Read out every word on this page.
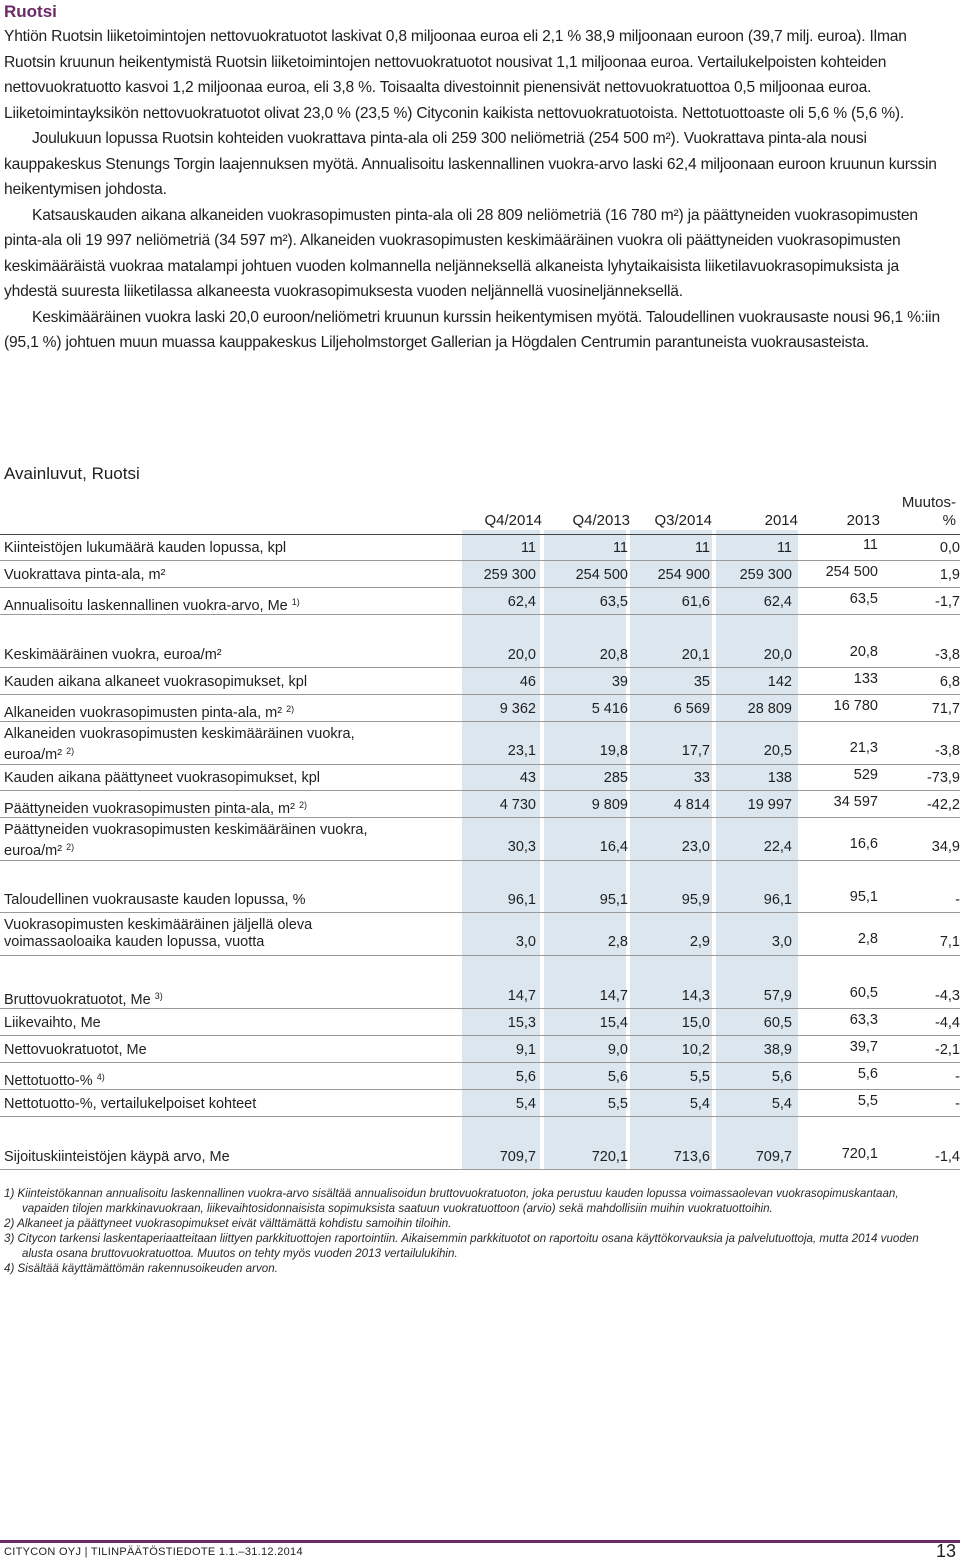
Ruotsi

Yhtiön Ruotsin liiketoimintojen nettovuokratuotot laskivat 0,8 miljoonaa euroa eli 2,1 % 38,9 miljoonaan euroon (39,7 milj. euroa). Ilman Ruotsin kruunun heikentymistä Ruotsin liiketoimintojen nettovuokratuotot nousivat 1,1 miljoonaa euroa. Vertailukelpoisten kohteiden nettovuokratuotto kasvoi 1,2 miljoonaa euroa, eli 3,8 %. Toisaalta divestoinnit pienensivät nettovuokratuottoa 0,5 miljoonaa euroa. Liiketoimintayksikön nettovuokratuotot olivat 23,0 % (23,5 %) Cityconin kaikista nettovuokratuotoista. Nettotuottoaste oli 5,6 % (5,6 %).

Joulukuun lopussa Ruotsin kohteiden vuokrattava pinta-ala oli 259 300 neliömetriä (254 500 m²). Vuokrattava pinta-ala nousi kauppakeskus Stenungs Torgin laajennuksen myötä. Annualisoitu laskennallinen vuokra-arvo laski 62,4 miljoonaan euroon kruunun kurssin heikentymisen johdosta.

Katsauskauden aikana alkaneiden vuokrasopimusten pinta-ala oli 28 809 neliömetriä (16 780 m²) ja päättyneiden vuokrasopimusten pinta-ala oli 19 997 neliömetriä (34 597 m²). Alkaneiden vuokrasopimusten keskimääräinen vuokra oli päättyneiden vuokrasopimusten keskimääräistä vuokraa matalampi johtuen vuoden kolmannella neljänneksellä alkaneista lyhytaikaisista liiketilavuokrasopimuksista ja yhdestä suuresta liiketilassa alkaneesta vuokrasopimuksesta vuoden neljännellä vuosineljänneksellä.

Keskimääräinen vuokra laski 20,0 euroon/neliömetri kruunun kurssin heikentymisen myötä. Taloudellinen vuokrausaste nousi 96,1 %:iin (95,1 %) johtuen muun muassa kauppakeskus Liljeholmstorget Gallerian ja Högdalen Centrumin parantuneista vuokrausasteista.

Avainluvut, Ruotsi
Q4/2014	Q4/2013	Q3/2014	2014	2013
Muutos-
%
Kiinteistöjen lukumäärä kauden lopussa, kpl	11	11	11	11	11	0,0
Vuokrattava pinta-ala, m²	259 300	254 500	254 900	259 300	254 500	1,9
Annualisoitu laskennallinen vuokra-arvo, Me $^{1)}$	62,4	63,5	61,6	62,4	63,5	-1,7
Keskimääräinen vuokra, euroa/m²	20,0	20,8	20,1	20,0	20,8	-3,8
Kauden aikana alkaneet vuokrasopimukset, kpl	46	39	35	142	133	6,8
Alkaneiden vuokrasopimusten pinta-ala, m² $^{2)}$	9 362	5 416	6 569	28 809	16 780	71,7
Alkaneiden vuokrasopimusten keskimääräinen vuokra,
euroa/m² $^{2)}$	23,1	19,8	17,7	20,5	21,3	-3,8
Kauden aikana päättyneet vuokrasopimukset, kpl	43	285	33	138	529	-73,9
Päättyneiden vuokrasopimusten pinta-ala, m² $^{2)}$	4 730	9 809	4 814	19 997	34 597	-42,2
Päättyneiden vuokrasopimusten keskimääräinen vuokra,
euroa/m² $^{2)}$	30,3	16,4	23,0	22,4	16,6	34,9
Taloudellinen vuokrausaste kauden lopussa, %	96,1	95,1	95,9	96,1	95,1	-
Vuokrasopimusten keskimääräinen jäljellä oleva
voimassaoloaika kauden lopussa, vuotta	3,0	2,8	2,9	3,0	2,8	7,1
Bruttovuokratuotot, Me $^{3)}$	14,7	14,7	14,3	57,9	60,5	-4,3
Liikevaihto, Me	15,3	15,4	15,0	60,5	63,3	-4,4
Nettovuokratuotot, Me	9,1	9,0	10,2	38,9	39,7	-2,1
Nettotuotto-% $^{4)}$	5,6	5,6	5,5	5,6	5,6	-
Nettotuotto-%, vertailukelpoiset kohteet	5,4	5,5	5,4	5,4	5,5	-
Sijoituskiinteistöjen käypä arvo, Me	709,7	720,1	713,6	709,7	720,1	-1,4
1) Kiinteistökannan annualisoitu laskennallinen vuokra-arvo sisältää annualisoidun bruttovuokratuoton, joka perustuu kauden lopussa voimassaolevan vuokrasopimuskantaan, vapaiden tilojen markkinavuokraan, liikevaihtosidonnaisista sopimuksista saatuun vuokratuottoon (arvio) sekä mahdollisiin muihin vuokratuottoihin.
2) Alkaneet ja päättyneet vuokrasopimukset eivät välttämättä kohdistu samoihin tiloihin.
3) Citycon tarkensi laskentaperiaatteitaan liittyen parkkituottojen raportointiin. Aikaisemmin parkkituotot on raportoitu osana käyttökorvauksia ja palvelutuottoja, mutta 2014 vuoden alusta osana bruttovuokratuottoa. Muutos on tehty myös vuoden 2013 vertailulukihin.
4) Sisältää käyttämättömän rakennusoikeuden arvon.
CITYCON OYJ | TILINPÄÄTÖSTIEDOTE 1.1.–31.12.2014	13
